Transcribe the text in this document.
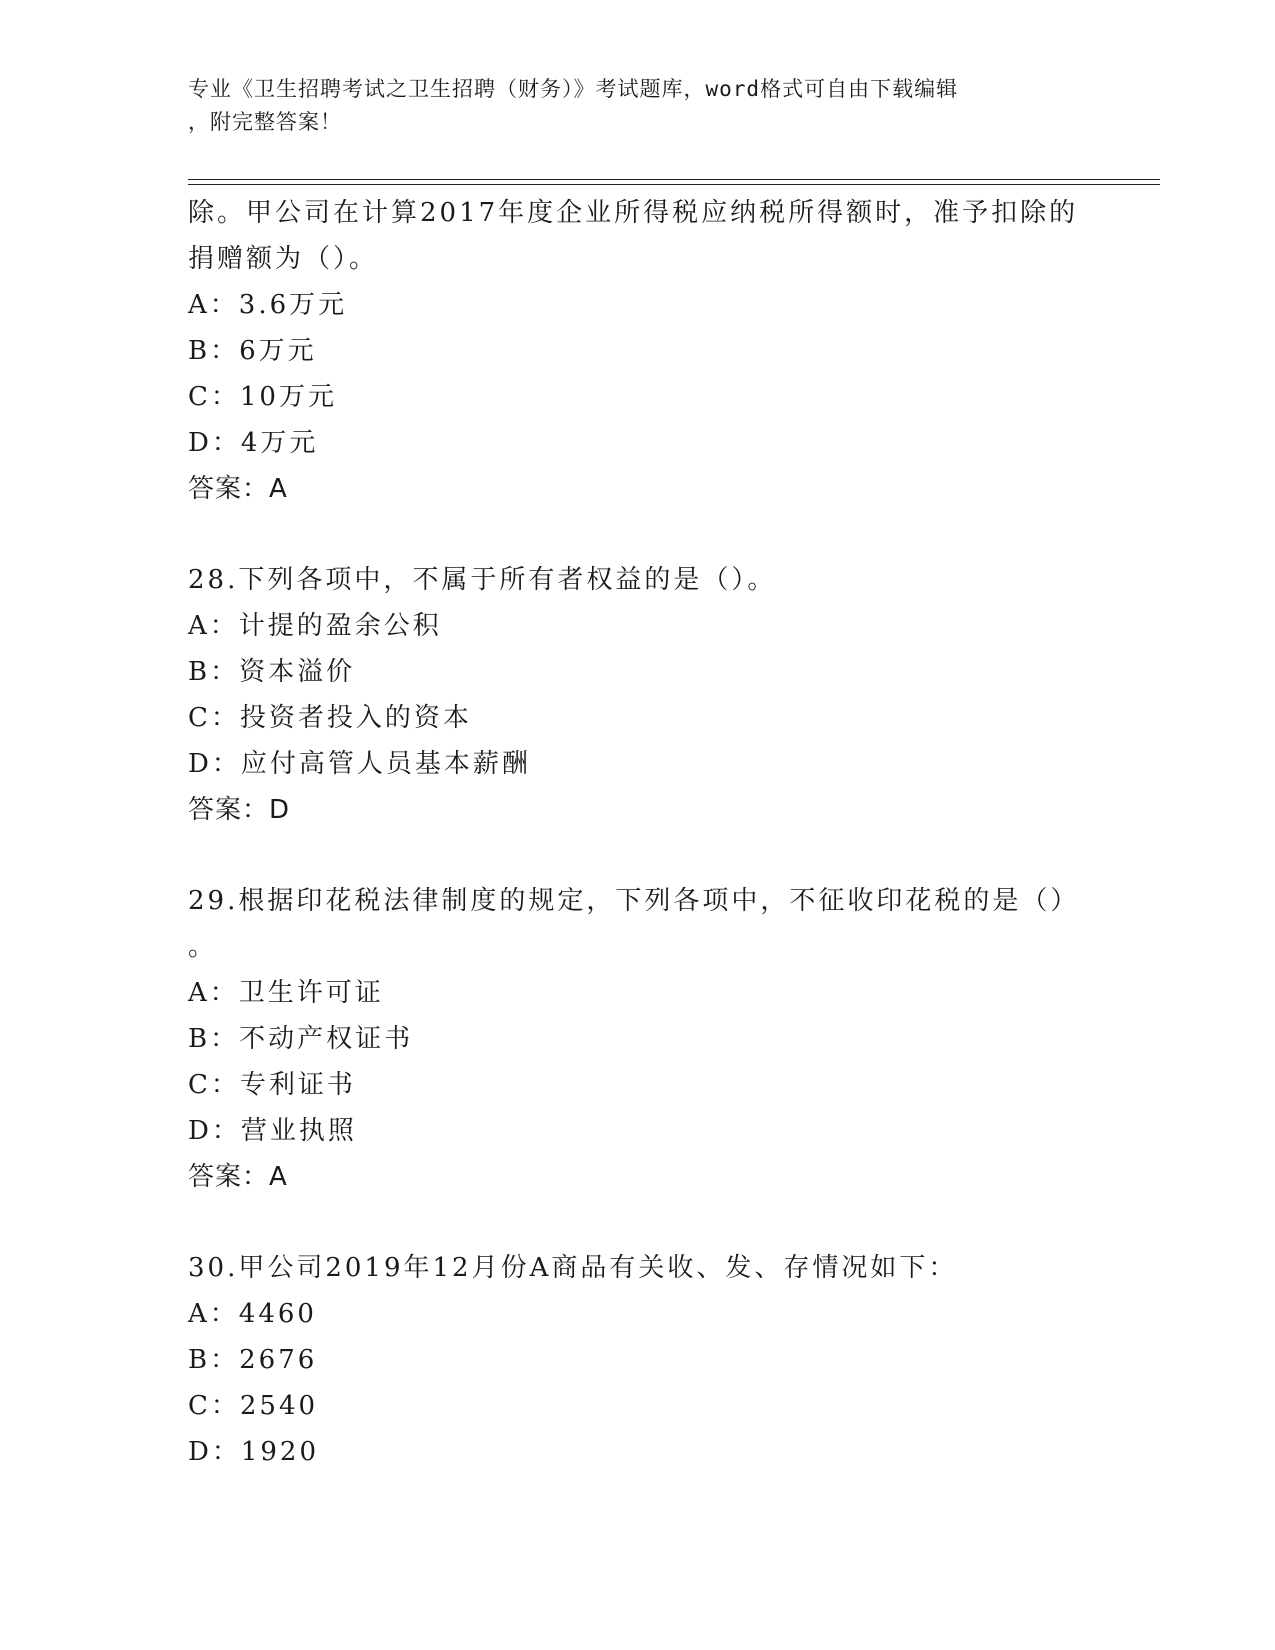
专业《卫生招聘考试之卫生招聘（财务）》考试题库，word格式可自由下载编辑
，附完整答案！
除。甲公司在计算2017年度企业所得税应纳税所得额时，准予扣除的
捐赠额为（）。
A：3.6万元
B：6万元
C：10万元
D：4万元
答案：A
28.下列各项中，不属于所有者权益的是（）。
A：计提的盈余公积
B：资本溢价
C：投资者投入的资本
D：应付高管人员基本薪酬
答案：D
29.根据印花税法律制度的规定，下列各项中，不征收印花税的是（）
。
A：卫生许可证
B：不动产权证书
C：专利证书
D：营业执照
答案：A
30.甲公司2019年12月份A商品有关收、发、存情况如下：
A：4460
B：2676
C：2540
D：1920
